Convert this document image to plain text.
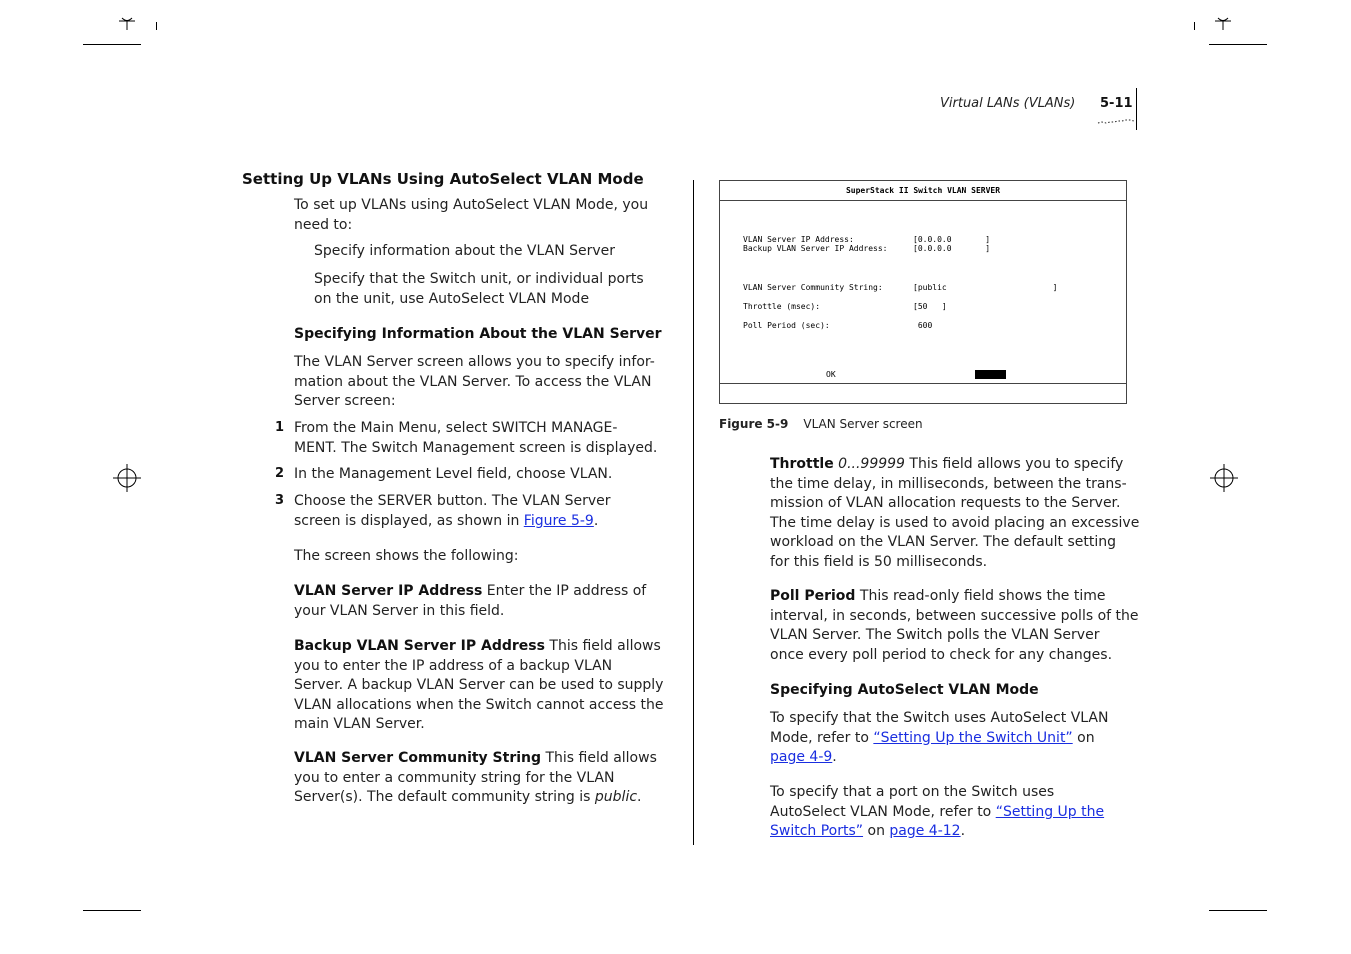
Virtual LANs (VLANs) 5-11
Setting Up VLANs Using AutoSelect VLAN Mode
To set up VLANs using AutoSelect VLAN Mode, you
need to:
Specify information about the VLAN Server
Specify that the Switch unit, or individual ports
on the unit, use AutoSelect VLAN Mode
Specifying Information About the VLAN Server
The VLAN Server screen allows you to specify infor-
mation about the VLAN Server. To access the VLAN
Server screen:
1 From the Main Menu, select SWITCH MANAGE-
MENT. The Switch Management screen is displayed.
2 In the Management Level field, choose VLAN.
3 Choose the SERVER button. The VLAN Server
screen is displayed, as shown in Figure 5-9.
The screen shows the following:
VLAN Server IP Address Enter the IP address of
your VLAN Server in this field.
Backup VLAN Server IP Address This field allows
you to enter the IP address of a backup VLAN
Server. A backup VLAN Server can be used to supply
VLAN allocations when the Switch cannot access the
main VLAN Server.
VLAN Server Community String This field allows
you to enter a community string for the VLAN
Server(s). The default community string is public.
SuperStack II Switch VLAN SERVER
VLAN Server IP Address:	[0.0.0.0       ]
Backup VLAN Server IP Address:	[0.0.0.0       ]
VLAN Server Community String:	[public                      ]
Throttle (msec):	[50   ]
Poll Period (sec):	600
OK	CANCEL
Figure 5-9 VLAN Server screen
Throttle 0...99999 This field allows you to specify
the time delay, in milliseconds, between the trans-
mission of VLAN allocation requests to the Server.
The time delay is used to avoid placing an excessive
workload on the VLAN Server. The default setting
for this field is 50 milliseconds.
Poll Period This read-only field shows the time
interval, in seconds, between successive polls of the
VLAN Server. The Switch polls the VLAN Server
once every poll period to check for any changes.
Specifying AutoSelect VLAN Mode
To specify that the Switch uses AutoSelect VLAN
Mode, refer to “Setting Up the Switch Unit” on
page 4-9.
To specify that a port on the Switch uses
AutoSelect VLAN Mode, refer to “Setting Up the
Switch Ports” on page 4-12.
